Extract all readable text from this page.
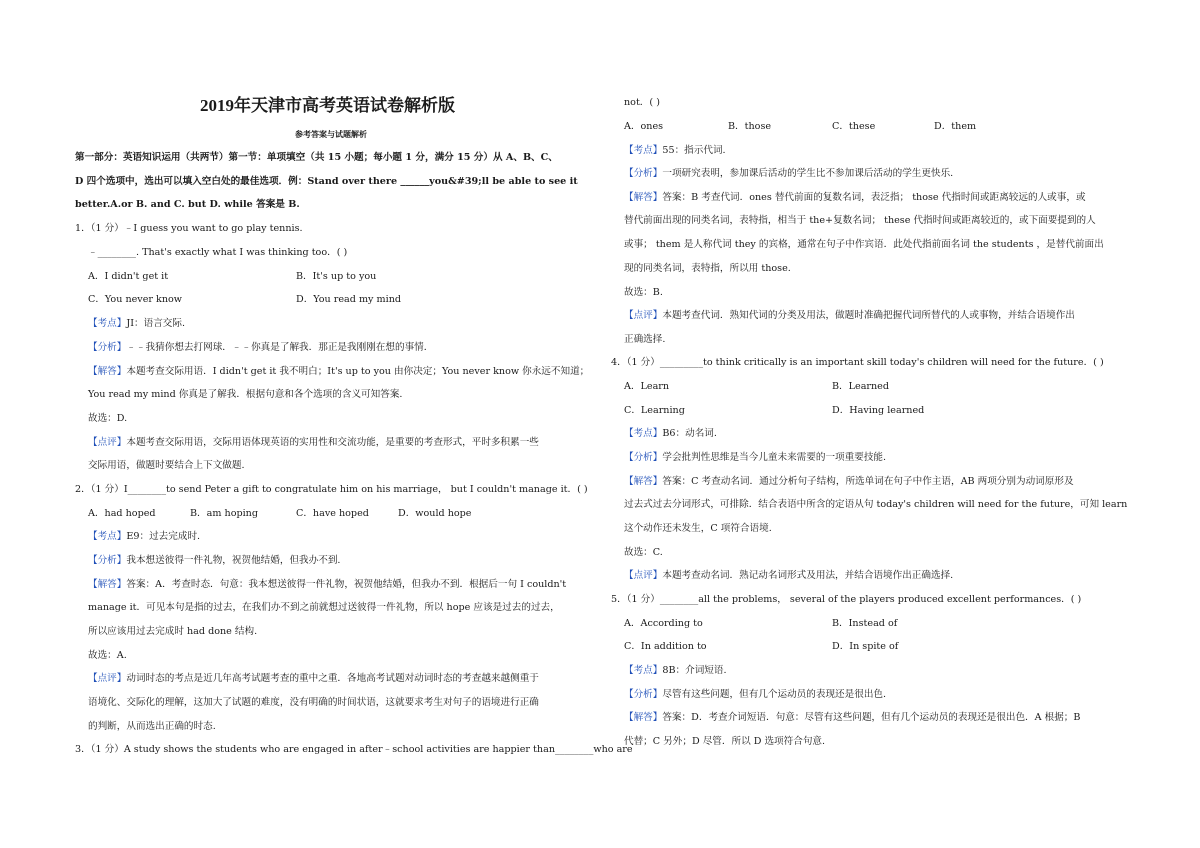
2019年天津市高考英语试卷解析版
参考答案与试题解析
第一部分：英语知识运用（共两节）第一节：单项填空（共 15 小题；每小题 1 分，满分 15 分）从 A、B、C、
D 四个选项中，选出可以填入空白处的最佳选项．例：Stand over there ______you&#39;ll be able to see it
better.A.or B. and C. but D. while 答案是 B.
1．（1 分）﹣I guess you want to go play tennis.
﹣________. That's exactly what I was thinking too．( )
A．I didn't get it	B．It's up to you
C．You never know	D．You read my mind
【考点】JI：语言交际.
【分析】﹣﹣我猜你想去打网球．﹣﹣你真是了解我．那正是我刚刚在想的事情．
【解答】本题考查交际用语．I didn't get it 我不明白；It's up to you 由你决定；You never know 你永远不知道；
You read my mind 你真是了解我．根据句意和各个选项的含义可知答案.
故选：D.
【点评】本题考查交际用语，交际用语体现英语的实用性和交流功能，是重要的考查形式，平时多积累一些
交际用语，做题时要结合上下文做题.
2．（1 分）I________to send Peter a gift to congratulate him on his marriage， but I couldn't manage it．( )
A．had hoped	B．am hoping	C．have hoped	D．would hope
【考点】E9：过去完成时.
【分析】我本想送彼得一件礼物，祝贺他结婚，但我办不到.
【解答】答案：A．考查时态．句意：我本想送彼得一件礼物，祝贺他结婚，但我办不到．根据后一句 I couldn't
manage it．可见本句是指的过去，在我们办不到之前就想过送彼得一件礼物，所以 hope 应该是过去的过去，
所以应该用过去完成时 had done 结构.
故选：A.
【点评】动词时态的考点是近几年高考试题考查的重中之重．各地高考试题对动词时态的考查越来越侧重于
语境化、交际化的理解，这加大了试题的难度，没有明确的时间状语，这就要求考生对句子的语境进行正确
的判断，从而选出正确的时态.
3．（1 分）A study shows the students who are engaged in after﹣school activities are happier than________who are
not．( )
A．ones	B．those	C．these	D．them
【考点】55：指示代词.
【分析】一项研究表明，参加课后活动的学生比不参加课后活动的学生更快乐.
【解答】答案：B 考查代词．ones 替代前面的复数名词，表泛指； those 代指时间或距离较远的人或事，或
替代前面出现的同类名词，表特指，相当于 the+复数名词； these 代指时间或距离较近的，或下面要提到的人
或事； them 是人称代词 they 的宾格，通常在句子中作宾语．此处代指前面名词 the students ，是替代前面出
现的同类名词，表特指，所以用 those.
故选：B.
【点评】本题考查代词．熟知代词的分类及用法，做题时准确把握代词所替代的人或事物，并结合语境作出
正确选择.
4．（1 分）_________to think critically is an important skill today's children will need for the future．( )
A．Learn	B．Learned
C．Learning	D．Having learned
【考点】B6：动名词.
【分析】学会批判性思维是当今儿童未来需要的一项重要技能.
【解答】答案：C 考查动名词．通过分析句子结构，所选单词在句子中作主语，AB 两项分别为动词原形及
过去式过去分词形式，可排除．结合表语中所含的定语从句 today's children will need for the future，可知 learn
这个动作还未发生，C 项符合语境.
故选：C.
【点评】本题考查动名词．熟记动名词形式及用法，并结合语境作出正确选择.
5．（1 分）________all the problems， several of the players produced excellent performances．( )
A．According to	B．Instead of
C．In addition to	D．In spite of
【考点】8B：介词短语.
【分析】尽管有这些问题，但有几个运动员的表现还是很出色.
【解答】答案：D．考查介词短语．句意：尽管有这些问题，但有几个运动员的表现还是很出色．A 根据；B
代替；C 另外；D 尽管．所以 D 选项符合句意.
